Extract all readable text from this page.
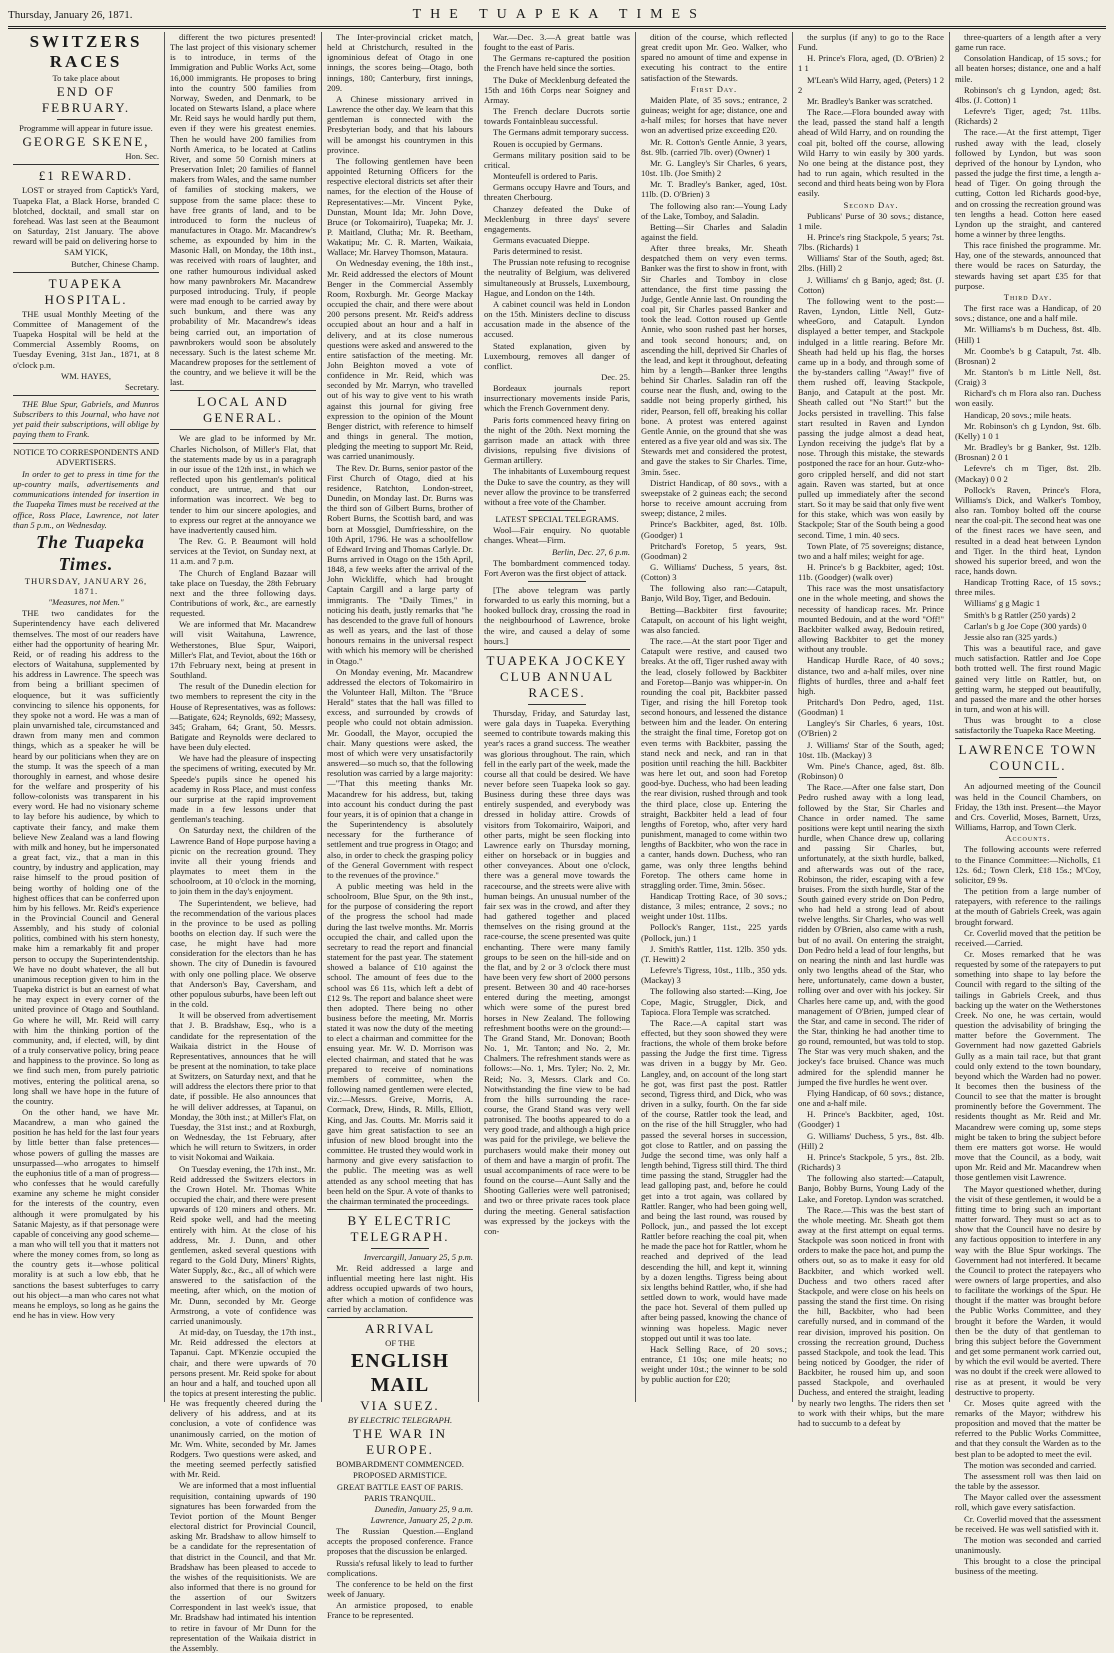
Thursday, January 26, 1871.	THE TUAPEKA TIMES

SWITZERS RACES

To take place about

END OF FEBRUARY.

Programme will appear in future issue.

GEORGE SKENE,

Hon. Sec.

£1 REWARD.

LOST or strayed from Captick's Yard, Tuapeka Flat, a Black Horse, branded C blotched, docktail, and small star on forehead. Was last seen at the Beaumont on Saturday, 21st January. The above reward will be paid on delivering horse to

SAM YICK,

Butcher, Chinese Champ.

TUAPEKA HOSPITAL.

THE usual Monthly Meeting of the Committee of Management of the Tuapeka Hospital will be held at the Commercial Assembly Rooms, on Tuesday Evening, 31st Jan., 1871, at 8 o'clock p.m.

WM. HAYES,

Secretary.

THE Blue Spur, Gabriels, and Munros Subscribers to this Journal, who have not yet paid their subscriptions, will oblige by paying them to Frank.

NOTICE TO CORRESPONDENTS AND ADVERTISERS.

In order to get to press in time for the up-country mails, advertisements and communications intended for insertion in the Tuapeka Times must be received at the office, Ross Place, Lawrence, not later than 5 p.m., on Wednesday.

The Tuapeka Times.

THURSDAY, JANUARY 26, 1871.

"Measures, not Men."

THE two candidates for the Superintendency have each delivered themselves. The most of our readers have either had the opportunity of hearing Mr. Reid, or of reading his address to the electors of Waitahuna, supplemented by his address in Lawrence. The speech was from being a brilliant specimen of eloquence, but it was sufficiently convincing to silence his opponents, for they spoke not a word. He was a man of plain unvarnished tale, circumstanced and drawn from many men and common things, which as a speaker he will be heard by our politicians when they are on the stump. It was the speech of a man thoroughly in earnest, and whose desire for the welfare and prosperity of his follow-colonists was transparent in his every word. He had no visionary scheme to lay before his audience, by which to captivate their fancy, and make them believe New Zealand was a land flowing with milk and honey, but he impersonated a great fact, viz., that a man in this country, by industry and application, may raise himself to the proud position of being worthy of holding one of the highest offices that can be conferred upon him by his fellows. Mr. Reid's experience in the Provincial Council and General Assembly, and his study of colonial politics, combined with his stern honesty, make him a remarkably fit and proper person to occupy the Superintendentship. We have no doubt whatever, the all but unanimous reception given to him in the Tuapeka district is but an earnest of what he may expect in every corner of the united province of Otago and Southland. Go where he will, Mr. Reid will carry with him the thinking portion of the community, and, if elected, will, by dint of a truly conservative policy, bring peace and happiness to the province. So long as we find such men, from purely patriotic motives, entering the political arena, so long shall we have hope in the future of the country.

On the other hand, we have Mr. Macandrew, a man who gained the position he has held for the last four years by little better than false pretences—whose powers of gulling the masses are unsurpassed—who arrogates to himself the euphonius title of a man of progress—who confesses that he would carefully examine any scheme he might consider for the interests of the country, even although it were promulgated by his Satanic Majesty, as if that personage were capable of conceiving any good scheme—a man who will tell you that it matters not where the money comes from, so long as the country gets it—whose political morality is at such a low ebb, that he sanctions the basest subterfuges to carry out his object—a man who cares not what means he employs, so long as he gains the end he has in view. How very

different the two pictures presented! The last project of this visionary schemer is to introduce, in terms of the Immigration and Public Works Act, some 16,000 immigrants. He proposes to bring into the country 500 families from Norway, Sweden, and Denmark, to be located on Stewarts Island, a place where Mr. Reid says he would hardly put them, even if they were his greatest enemies. Then he would have 200 families from North America, to be located at Catlins River, and some 50 Cornish miners at Preservation Inlet; 20 families of flannel makers from Wales, and the same number of families of stocking makers, we suppose from the same place: these to have free grants of land, and to be introduced to form the nucleus of manufactures in Otago. Mr. Macandrew's scheme, as expounded by him in the Masonic Hall, on Monday, the 18th inst., was received with roars of laughter, and one rather humourous individual asked how many pawnbrokers Mr. Macandrew purposed introducing. Truly, if people were mad enough to be carried away by such bunkum, and there was any probability of Mr. Macandrew's ideas being carried out, an importation of pawnbrokers would soon be absolutely necessary. Such is the latest scheme Mr. Macandrew proposes for the settlement of the country, and we believe it will be the last.

LOCAL AND GENERAL.

We are glad to be informed by Mr. Charles Nicholson, of Miller's Flat, that the statements made by us in a paragraph in our issue of the 12th inst., in which we reflected upon his gentleman's political conduct, are untrue, and that our information was incorrect. We beg to tender to him our sincere apologies, and to express our regret at the annoyance we have inadvertently caused him.

The Rev. G. P. Beaumont will hold services at the Teviot, on Sunday next, at 11 a.m. and 7 p.m.

The Church of England Bazaar will take place on Tuesday, the 28th February next and the three following days. Contributions of work, &c., are earnestly requested.

We are informed that Mr. Macandrew will visit Waitahuna, Lawrence, Wetherstones, Blue Spur, Waipori, Miller's Flat, and Teviot, about the 16th or 17th February next, being at present in Southland.

The result of the Dunedin election for two members to represent the city in the House of Representatives, was as follows:—Batigate, 624; Reynolds, 692; Massesy, 345; Graham, 64; Grant, 50. Messrs. Batigate and Reynolds were declared to have been duly elected.

We have had the pleasure of inspecting the specimens of writing, executed by Mr. Speede's pupils since he opened his academy in Ross Place, and must confess our surprise at the rapid improvement made in a few lessons under that gentleman's teaching.

On Saturday next, the children of the Lawrence Band of Hope purpose having a picnic on the recreation ground. They invite all their young friends and playmates to meet them in the schoolroom, at 10 o'clock in the morning, to join them in the day's enjoyment.

The Superintendent, we believe, had the recommendation of the various places in the province to be used as polling booths on election day. If such were the case, he might have had more consideration for the electors than he has shown. The city of Dunedin is favoured with only one polling place. We observe that Anderson's Bay, Caversham, and other populous suburbs, have been left out in the cold.

It will be observed from advertisement that J. B. Bradshaw, Esq., who is a candidate for the representation of the Waikaia district in the House of Representatives, announces that he will be present at the nomination, to take place at Switzers, on Saturday next, and that he will address the electors there prior to that date, if possible. He also announces that he will deliver addresses, at Tapanui, on Monday, the 30th inst.; at Miller's Flat, on Tuesday, the 31st inst.; and at Roxburgh, on Wednesday, the 1st February, after which he will return to Switzers, in order to visit Nokomai and Waikaia.

On Tuesday evening, the 17th inst., Mr. Reid addressed the Switzers electors in the Crown Hotel. Mr. Thomas White occupied the chair, and there were present upwards of 120 miners and others. Mr. Reid spoke well, and had the meeting entirely with him. At the close of his address, Mr. J. Dunn, and other gentlemen, asked several questions with regard to the Gold Duty, Miners' Rights, Water Supply, &c., &c., all of which were answered to the satisfaction of the meeting, after which, on the motion of Mr. Dunn, seconded by Mr. George Armstrong, a vote of confidence was carried unanimously.

At mid-day, on Tuesday, the 17th inst., Mr. Reid addressed the electors at Tapanui. Capt. M'Kenzie occupied the chair, and there were upwards of 70 persons present. Mr. Reid spoke for about an hour and a half, and touched upon all the topics at present interesting the public. He was frequently cheered during the delivery of his address, and at its conclusion, a vote of confidence was unanimously carried, on the motion of Mr. Wm. White, seconded by Mr. James Rodgers. Two questions were asked, and the meeting seemed perfectly satisfied with Mr. Reid.

We are informed that a most influential requisition, containing upwards of 190 signatures has been forwarded from the Teviot portion of the Mount Benger electoral district for Provincial Council, asking Mr. Bradshaw to allow himself to be a candidate for the representation of that district in the Council, and that Mr. Bradshaw has been pleased to accede to the wishes of the requisitionists. We are also informed that there is no ground for the assertion of our Switzers Correspondent in last week's issue, that Mr. Bradshaw had intimated his intention to retire in favour of Mr Dunn for the representation of the Waikaia district in the Assembly.

The Inter-provincial cricket match, held at Christchurch, resulted in the ignominious defeat of Otago in one innings, the scores being—Otago, both innings, 180; Canterbury, first innings, 209.

A Chinese missionary arrived in Lawrence the other day. We learn that this gentleman is connected with the Presbyterian body, and that his labours will be amongst his countrymen in this province.

The following gentlemen have been appointed Returning Officers for the respective electoral districts set after their names, for the election of the House of Representatives:—Mr. Vincent Pyke, Dunstan, Mount Ida; Mr. John Dove, Bruce (or Tokomairiro), Tuapeka; Mr. J. P. Maitland, Clutha; Mr. R. Beetham, Wakatipu; Mr. C. R. Marten, Waikaia, Wallace; Mr. Harvey Thomson, Mataura.

On Wednesday evening, the 18th inst., Mr. Reid addressed the electors of Mount Benger in the Commercial Assembly Room, Roxburgh. Mr. George Mackay occupied the chair, and there were about 200 persons present. Mr. Reid's address occupied about an hour and a half in delivery, and at its close numerous questions were asked and answered to the entire satisfaction of the meeting. Mr. John Beighton moved a vote of confidence in Mr. Reid, which was seconded by Mr. Marryn, who travelled out of his way to give vent to his wrath against this journal for giving free expression to the opinion of the Mount Benger district, with reference to himself and things in general. The motion, pledging the meeting to support Mr. Reid, was carried unanimously.

The Rev. Dr. Burns, senior pastor of the First Church of Otago, died at his residence, Ratchton, London-street, Dunedin, on Monday last. Dr. Burns was the third son of Gilbert Burns, brother of Robert Burns, the Scottish bard, and was born at Mossgiel, Dumfriesshire, on the 10th April, 1796. He was a schoolfellow of Edward Irving and Thomas Carlyle. Dr. Burns arrived in Otago on the 15th April, 1848, a few weeks after the arrival of the John Wickliffe, which had brought Captain Cargill and a large party of immigrants. The "Daily Times," in noticing his death, justly remarks that "he has descended to the grave full of honours as well as years, and the last of those honours remains in the universal respect with which his memory will be cherished in Otago."

On Monday evening, Mr. Macandrew addressed the electors of Tokomairiro in the Volunteer Hall, Milton. The "Bruce Herald" states that the hall was filled to excess, and surrounded by crowds of people who could not obtain admission. Mr. Goodall, the Mayor, occupied the chair. Many questions were asked, the most of which were very unsatisfactorily answered—so much so, that the following resolution was carried by a large majority:—"That this meeting thanks Mr. Macandrew for his address, but, taking into account his conduct during the past four years, it is of opinion that a change in the Superintendency is absolutely necessary for the furtherance of settlement and true progress in Otago; and also, in order to check the grasping policy of the General Government with respect to the revenues of the province."

A public meeting was held in the schoolroom, Blue Spur, on the 9th inst., for the purpose of considering the report of the progress the school had made during the last twelve months. Mr. Morris occupied the chair, and called upon the secretary to read the report and financial statement for the past year. The statement showed a balance of £10 against the school. The amount of fees due to the school was £6 11s, which left a debt of £12 9s. The report and balance sheet were then adopted. There being no other business before the meeting, Mr. Morris stated it was now the duty of the meeting to elect a chairman and committee for the ensuing year. Mr. W. D. Morrison was elected chairman, and stated that he was prepared to receive of nominations members of committee, when the following named gentlemen were elected, viz.:—Messrs. Greive, Morris, A. Cormack, Drew, Hinds, R. Mills, Elliott, King, and Jas. Coutts. Mr. Morris said it gave him great satisfaction to see an infusion of new blood brought into the committee. He trusted they would work in harmony and give every satisfaction to the public. The meeting was as well attended as any school meeting that has been held on the Spur. A vote of thanks to the chairman terminated the proceedings.

BY ELECTRIC TELEGRAPH.

Invercargill, January 25, 5 p.m.

Mr. Reid addressed a large and influential meeting here last night. His address occupied upwards of two hours, after which a motion of confidence was carried by acclamation.

ARRIVAL

OF THE

ENGLISH MAIL

VIA SUEZ.

BY ELECTRIC TELEGRAPH.

THE WAR IN EUROPE.

BOMBARDMENT COMMENCED.

PROPOSED ARMISTICE.

GREAT BATTLE EAST OF PARIS.

PARIS TRANQUIL.

Dunedin, January 25, 9 a.m.

Lawrence, January 25, 2 p.m.

The Russian Question.—England accepts the proposed conference. France proposes that the discussion be enlarged.

Russia's refusal likely to lead to further complications.

The conference to be held on the first week of January.

An armistice proposed, to enable France to be represented.

War.—Dec. 3.—A great battle was fought to the east of Paris.

The Germans re-captured the position the French have held since the sorties.

The Duke of Mecklenburg defeated the 15th and 16th Corps near Soigney and Armay.

The French declare Ducrots sortie towards Fontainbleau successful.

The Germans admit temporary success.

Rouen is occupied by Germans.

Germans military position said to be critical.

Monteufell is ordered to Paris.

Germans occupy Havre and Tours, and threaten Cherbourg.

Chanzey defeated the Duke of Mecklenburg in three days' severe engagements.

Germans evacuated Dieppe.

Paris determined to resist.

The Prussian note refusing to recognise the neutrality of Belgium, was delivered simultaneously at Brussels, Luxembourg, Hague, and London on the 14th.

A cabinet council was held in London on the 15th. Ministers decline to discuss accusation made in the absence of the accused.

Stated explanation, given by Luxembourg, removes all danger of conflict.

Dec. 25.

Bordeaux journals report insurrectionary movements inside Paris, which the French Government deny.

Paris forts commenced heavy firing on the night of the 20th. Next morning the garrison made an attack with three divisions, repulsing five divisions of German artillery.

The inhabitants of Luxembourg request the Duke to save the country, as they will never allow the province to be transferred without a free vote of the Chamber.

LATEST SPECIAL TELEGRAMS.

Wool—Fair enquiry. No quotable changes. Wheat—Firm.

Berlin, Dec. 27, 6 p.m.

The bombardment commenced today. Fort Averon was the first object of attack.

[The above telegram was partly forwarded to us early this morning, but a hooked bullock dray, crossing the road in the neighbourhood of Lawrence, broke the wire, and caused a delay of some hours.]

TUAPEKA JOCKEY CLUB ANNUAL RACES.

Thursday, Friday, and Saturday last, were gala days in Tuapeka. Everything seemed to contribute towards making this year's races a grand success. The weather was glorious throughout. The rain, which fell in the early part of the week, made the course all that could be desired. We have never before seen Tuapeka look so gay. Business during these three days was entirely suspended, and everybody was dressed in holiday attire. Crowds of visitors from Tokomairiro, Waipori, and other parts, might be seen flocking into Lawrence early on Thursday morning, either on horseback or in buggies and other conveyances. About one o'clock, there was a general move towards the racecourse, and the streets were alive with human beings. An unusual number of the fair sex was in the crowd, and after they had gathered together and placed themselves on the rising ground at the race-course, the scene presented was quite enchanting. There were many family groups to be seen on the hill-side and on the flat, and by 2 or 3 o'clock there must have been very few short of 2000 persons present. Between 30 and 40 race-horses entered during the meeting, amongst which were some of the purest bred horses in New Zealand. The following refreshment booths were on the ground:—The Grand Stand, Mr. Donovan; Booth No. 1, Mr. Tanton; and No. 2, Mr. Chalmers. The refreshment stands were as follows:—No. 1, Mrs. Tyler; No. 2, Mr. Reid; No. 3, Messrs. Clark and Co. Notwithstanding the fine view to be had from the hills surrounding the race-course, the Grand Stand was very well patronised. The booths appeared to do a very good trade, and although a high price was paid for the privilege, we believe the purchasers would make their money out of them and have a margin of profit. The usual accompaniments of race were to be found on the course—Aunt Sally and the Shooting Galleries were well patronised; and two or three private races took place during the meeting. General satisfaction was expressed by the jockeys with the con-

dition of the course, which reflected great credit upon Mr. Geo. Walker, who spared no amount of time and expense in executing his contract to the entire satisfaction of the Stewards.

First Day.

Maiden Plate, of 35 sovs.; entrance, 2 guineas; weight for age; distance, one and a-half miles; for horses that have never won an advertised prize exceeding £20.

Mr. R. Cotton's Gentle Annie, 3 years, 8st. 9lb. (carried 7lb. over) (Owner) 1

Mr. G. Langley's Sir Charles, 6 years, 10st. 1lb. (Joe Smith) 2

Mr. T. Bradley's Banker, aged, 10st. 11lb. (D. O'Brien) 3

The following also ran:—Young Lady of the Lake, Tomboy, and Saladin.

Betting—Sir Charles and Saladin against the field.

After three breaks, Mr. Sheath despatched them on very even terms. Banker was the first to show in front, with Sir Charles and Tomboy in close attendance, the first time passing the Judge, Gentle Annie last. On rounding the coal pit, Sir Charles passed Banker and took the lead. Cotton roused up Gentle Annie, who soon rushed past her horses, and took second honours; and, on ascending the hill, deprived Sir Charles of the lead, and kept it throughout, defeating him by a length—Banker three lengths behind Sir Charles. Saladin ran off the course near the flush, and, owing to the saddle not being properly girthed, his rider, Pearson, fell off, breaking his collar bone. A protest was entered against Gentle Annie, on the ground that she was entered as a five year old and was six. The Stewards met and considered the protest, and gave the stakes to Sir Charles. Time, 3min. 5sec.

District Handicap, of 80 sovs., with a sweepstake of 2 guineas each; the second horse to receive amount accruing from sweep; distance, 2 miles.

Prince's Backbiter, aged, 8st. 10lb. (Goodger) 1

Pritchard's Foretop, 5 years, 9st. (Goodman) 2

G. Williams' Duchess, 5 years, 8st. (Cotton) 3

The following also ran:—Catapult, Banjo, Wild Boy, Tiger, and Bedouin.

Betting—Backbiter first favourite; Catapult, on account of his light weight, was also fancied.

The race.—At the start poor Tiger and Catapult were restive, and caused two breaks. At the off, Tiger rushed away with the lead, closely followed by Backbiter and Foretop—Banjo was whipper-in. On rounding the coal pit, Backbiter passed Tiger, and rising the hill Foretop took second honours, and lessened the distance between him and the leader. On entering the straight the final time, Foretop got on even terms with Backbiter, passing the stand neck and neck, and ran in that position until reaching the hill. Backbiter was here let out, and soon had Foretop good-bye. Duchess, who had been leading the rear division, rushed through and took the third place, close up. Entering the straight, Backbiter held a lead of four lengths of Foretop, who, after very hard punishment, managed to come within two lengths of Backbiter, who won the race in a canter, hands down. Duchess, who ran game, was only three lengths behind Foretop. The others came home in straggling order. Time, 3min. 56sec.

Handicap Trotting Race, of 30 sovs.; distance, 3 miles; entrance, 2 sovs.; no weight under 10st. 11lbs.

Pollock's Ranger, 11st., 225 yards (Pollock, jun.) 1

J. Smith's Rattler, 11st. 12lb. 350 yds. (T. Hewitt) 2

Lefevre's Tigress, 10st., 11lb., 350 yds. (Mackay) 3

The following also started:—King, Joe Cope, Magic, Struggler, Dick, and Tapioca. Flora Temple was scratched.

The Race.—A capital start was effected, but they soon showed they were fractions, the whole of them broke before passing the Judge the first time. Tigress was driven in a buggy by Mr. Geo. Langley, and, on account of the long start he got, was first past the post. Rattler second, Tigress third, and Dick, who was driven in a sulky, fourth. On the far side of the course, Rattler took the lead, and on the rise of the hill Struggler, who had passed the several horses in succession, got close to Rattler, and on passing the Judge the second time, was only half a length behind, Tigress still third. The third time passing the stand, Struggler had the lead galloping past, and, before he could get into a trot again, was collared by Rattler. Ranger, who had been going well, and being the last round, was roused by Pollock, jun., and passed the lot except Rattler before reaching the coal pit, when he made the pace hot for Rattler, whom he reached and deprived of the lead descending the hill, and kept it, winning by a dozen lengths. Tigress being about six lengths behind Rattler, who, if she had settled down to work, would have made the pace hot. Several of them pulled up after being passed, knowing the chance of winning was hopeless. Magic never stopped out until it was too late.

Hack Selling Race, of 20 sovs.; entrance, £1 10s; one mile heats; no weight under 10st.; the winner to be sold by public auction for £20;

the surplus (if any) to go to the Race Fund.

H. Prince's Flora, aged, (D. O'Brien) 2 1 1

M'Lean's Wild Harry, aged, (Peters) 1 2 2

Mr. Bradley's Banker was scratched.

The Race.—Flora bounded away with the lead, passed the stand half a length ahead of Wild Harry, and on rounding the coal pit, bolted off the course, allowing Wild Harry to win easily by 300 yards. No one being at the distance post, they had to run again, which resulted in the second and third heats being won by Flora easily.

Second Day.

Publicans' Purse of 30 sovs.; distance, 1 mile.

H. Prince's ring Stackpole, 5 years; 7st. 7lbs. (Richards) 1

Williams' Star of the South, aged; 8st. 2lbs. (Hill) 2

J. Williams' ch g Banjo, aged; 8st. (J. Cotton)

The following went to the post:—Raven, Lyndon, Little Nell, Gutz-wheeGoro, and Catapult. Lyndon displayed a better temper, and Stackpole indulged in a little rearing. Before Mr. Sheath had held up his flag, the horses came up in a body, and through some of the by-standers calling "Away!" five of them rushed off, leaving Stackpole, Banjo, and Catapult at the post. Mr. Sheath called out "No Start!" but the Jocks persisted in travelling. This false start resulted in Raven and Lyndon passing the judge almost a dead heat, Lyndon receiving the judge's flat by a nose. Through this mistake, the stewards postponed the race for an hour. Gutz-who-goro crippled herself, and did not start again. Raven was started, but at once pulled up immediately after the second start. So it may be said that only five went for this stake, which was won easily by Stackpole; Star of the South being a good second. Time, 1 min. 40 secs.

Town Plate, of 75 sovereigns; distance, two and a half miles; weight for age.

H. Prince's b g Backbiter, aged; 10st. 11b. (Goodger) (walk over)

This race was the most unsatisfactory one in the whole meeting, and shows the necessity of handicap races. Mr. Prince mounted Bedouin, and at the word "Off!" Backbiter walked away, Bedouin retired, allowing Backbiter to get the money without any trouble.

Handicap Hurdle Race, of 40 sovs.; distance, two and a-half miles, over nine flights of hurdles, three and a-half feet high.

Pritchard's Don Pedro, aged, 11st. (Goodman) 1

Langley's Sir Charles, 6 years, 10st. (O'Brien) 2

J. Williams' Star of the South, aged; 10st. 1lb. (Mackay) 3

Wm. Pine's Chance, aged, 8st. 8lb. (Robinson) 0

The Race.—After one false start, Don Pedro rushed away with a long lead, followed by the Star, Sir Charles and Chance in order named. The same positions were kept until nearing the sixth hurdle, when Chance drew up, collaring and passing Sir Charles, but, unfortunately, at the sixth hurdle, balked, and afterwards was out of the race, Robinson, the rider, escaping with a few bruises. From the sixth hurdle, Star of the South gained every stride on Don Pedro, who had held a strong lead of about twelve lengths. Sir Charles, who was well ridden by O'Brien, also came with a rush, but of no avail. On entering the straight, Don Pedro held a lead of four lengths, but on nearing the ninth and last hurdle was only two lengths ahead of the Star, who here, unfortunately, came down a buster, rolling over and over with his jockey. Sir Charles here came up, and, with the good management of O'Brien, jumped clear of the Star, and came in second. The rider of the Star, thinking he had another time to go round, remounted, but was told to stop. The Star was very much shaken, and the jockey's face bruised. Chance was much admired for the splendid manner he jumped the five hurdles he went over.

Flying Handicap, of 60 sovs.; distance, one and a-half mile.

H. Prince's Backbiter, aged, 10st. (Goodger) 1

G. Williams' Duchess, 5 yrs., 8st. 4lb. (Hill) 2

H. Prince's Stackpole, 5 yrs., 8st. 2lb. (Richards) 3

The following also started:—Catapult, Banjo, Bobby Burns, Young Lady of the Lake, and Foretop. Lyndon was scratched.

The Race.—This was the best start of the whole meeting. Mr. Sheath got them away at the first attempt on equal terms. Stackpole was soon noticed in front with orders to make the pace hot, and pump the others out, so as to make it easy for old Backbiter, and which worked well. Duchess and two others raced after Stackpole, and were close on his heels on passing the stand the first time. On rising the hill, Backbiter, who had been carefully nursed, and in command of the rear division, improved his position. On crossing the recreation ground, Duchess passed Stackpole, and took the lead. This being noticed by Goodger, the rider of Backbiter, he roused him up, and soon passed Stackpole, and overhauled Duchess, and entered the straight, leading by nearly two lengths. The riders then set to work with their whips, but the mare had to succumb to a defeat by

three-quarters of a length after a very game run race.

Consolation Handicap, of 15 sovs.; for all beaten horses; distance, one and a half mile.

Robinson's ch g Lyndon, aged; 8st. 4lbs. (J. Cotton) 1

Lefevre's Tiger, aged; 7st. 11lbs. (Richards) 2

The race.—At the first attempt, Tiger rushed away with the lead, closely followed by Lyndon, but was soon deprived of the honour by Lyndon, who passed the judge the first time, a length a-head of Tiger. On going through the cutting, Cotton led Richards good-bye, and on crossing the recreation ground was ten lengths a head. Cotton here eased Lyndon up the straight, and cantered home a winner by three lengths.

This race finished the programme. Mr. Hay, one of the stewards, announced that there would be races on Saturday, the stewards having set apart £35 for that purpose.

Third Day.

The first race was a Handicap, of 20 sovs.; distance, one and a half mile.

Mr. Williams's b m Duchess, 8st. 4lb. (Hill) 1

Mr. Coombe's b g Catapult, 7st. 4lb. (Brosnan) 2

Mr. Stanton's b m Little Nell, 8st. (Craig) 3

Richard's ch m Flora also ran. Duchess won easily.

Handicap, 20 sovs.; mile heats.

Mr. Robinson's ch g Lyndon, 9st. 6lb. (Kelly) 1 0 1

Mr. Bradley's br g Banker, 9st. 12lb. (Brosnan) 2 0 1

Lefevre's ch m Tiger, 8st. 2lb. (Mackay) 0 0 2

Pollock's Raven, Prince's Flora, Williams's Dick, and Walker's Tomboy, also ran. Tomboy bolted off the course near the coal-pit. The second heat was one of the finest races we have seen, and resulted in a dead heat between Lyndon and Tiger. In the third heat, Lyndon showed his superior breed, and won the race, hands down.

Handicap Trotting Race, of 15 sovs.; three miles.

Williams' g g Magic 1

Smith's b g Rattler (250 yards) 2

Carlan's b g Joe Cope (300 yards) 0

Jessie also ran (325 yards.)

This was a beautiful race, and gave much satisfaction. Rattler and Joe Cope both trotted well. The first round Magic gained very little on Rattler, but, on getting warm, he stepped out beautifully, and passed the mare and the other horses in turn, and won at his will.

Thus was brought to a close satisfactorily the Tuapeka Race Meeting.

LAWRENCE TOWN COUNCIL.

An adjourned meeting of the Council was held in the Council Chambers, on Friday, the 13th inst. Present—the Mayor and Crs. Coverlid, Moses, Barnett, Urzs, Williams, Harrop, and Town Clerk.

Accounts.

The following accounts were referred to the Finance Committee:—Nicholls, £1 12s. 6d.; Town Clerk, £18 15s.; M'Coy, solicitor, £9 9s.

The petition from a large number of ratepayers, with reference to the railings at the mouth of Gabriels Creek, was again brought forward.

Cr. Coverlid moved that the petition be received.—Carried.

Cr. Moses remarked that he was requested by some of the ratepayers to put something into shape to lay before the Council with regard to the silting of the tailings in Gabriels Creek, and thus backing up the water on the Wetherstones Creek. No one, he was certain, would question the advisability of bringing the matter before the Government. The Government had now gazetted Gabriels Gully as a main tail race, but that grant could only extend to the town boundary, beyond which the Warden had no power. It becomes then the business of the Council to see that the matter is brought prominently before the Government. The residents thought as Mr. Reid and Mr. Macandrew were coming up, some steps might be taken to bring the subject before them ere matters got worse. He would move that the Council, as a body, wait upon Mr. Reid and Mr. Macandrew when those gentlemen visit Lawrence.

The Mayor questioned whether, during the visit of these gentlemen, it would be a fitting time to bring such an important matter forward. They must so act as to show that the Council have no desire by any factious opposition to interfere in any way with the Blue Spur workings. The Government had not interfered. It became the Council to protect the ratepayers who were owners of large properties, and also to facilitate the workings of the Spur. He thought if the matter was brought before the Public Works Committee, and they brought it before the Warden, it would then be the duty of that gentleman to bring this subject before the Government and get some permanent work carried out, by which the evil would be averted. There was no doubt if the creek were allowed to rise as at present, it would be very destructive to property.

Cr. Moses quite agreed with the remarks of the Mayor; withdrew his proposition and moved that the matter be referred to the Public Works Committee, and that they consult the Warden as to the best plan to be adopted to meet the evil.

The motion was seconded and carried.

The assessment roll was then laid on the table by the assessor.

The Mayor called over the assessment roll, which gave every satisfaction.

Cr. Coverlid moved that the assessment be received. He was well satisfied with it.

The motion was seconded and carried unanimously.

This brought to a close the principal business of the meeting.
